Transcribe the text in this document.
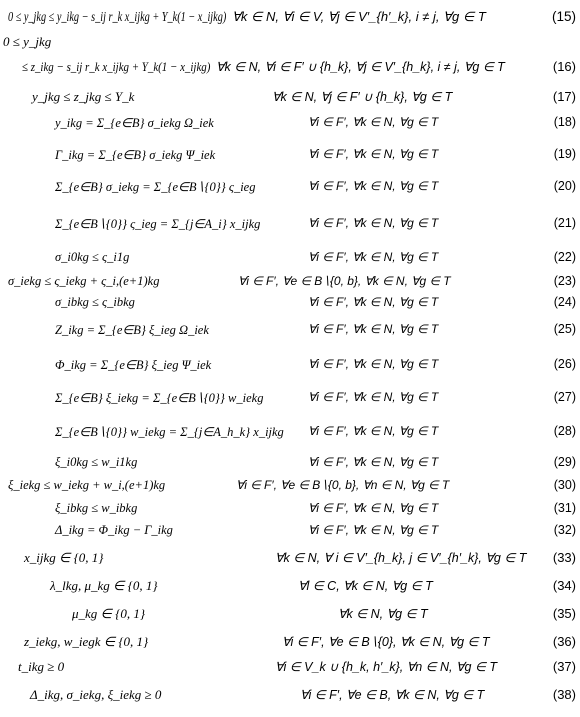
0 ≤ y_jkg ≤ y_ikg − s_ij r_k x_ijkg + Y_k(1 − x_ijkg) ∀k ∈ N, ∀i ∈ V, ∀j ∈ V′_{h′_k}, i ≠ j, ∀g ∈ T	(15)
0 ≤ y_jkg
≤ z_ikg − s_ij r_k x_ijkg + Y_k(1 − x_ijkg) ∀k ∈ N, ∀i ∈ F′ ∪ {h_k}, ∀j ∈ V′_{h_k}, i ≠ j, ∀g ∈ T	(16)
y_jkg ≤ z_jkg ≤ Y_k	∀k ∈ N, ∀j ∈ F′ ∪ {h_k}, ∀g ∈ T	(17)
y_ikg = Σ_{e∈B} σ_iekg Ω_iek	∀i ∈ F′, ∀k ∈ N, ∀g ∈ T	(18)
Γ_ikg = Σ_{e∈B} σ_iekg Ψ_iek	∀i ∈ F′, ∀k ∈ N, ∀g ∈ T	(19)
Σ_{e∈B} σ_iekg = Σ_{e∈B∖{0}} ς_ieg	∀i ∈ F′, ∀k ∈ N, ∀g ∈ T	(20)
Σ_{e∈B∖{0}} ς_ieg = Σ_{j∈A_i} x_ijkg	∀i ∈ F′, ∀k ∈ N, ∀g ∈ T	(21)
σ_i0kg ≤ ς_i1g	∀i ∈ F′, ∀k ∈ N, ∀g ∈ T	(22)
σ_iekg ≤ ς_iekg + ς_i,(e+1)kg	∀i ∈ F′, ∀e ∈ B∖{0, b}, ∀k ∈ N, ∀g ∈ T	(23)
σ_ibkg ≤ ς_ibkg	∀i ∈ F′, ∀k ∈ N, ∀g ∈ T	(24)
Z_ikg = Σ_{e∈B} ξ_ieg Ω_iek	∀i ∈ F′, ∀k ∈ N, ∀g ∈ T	(25)
Φ_ikg = Σ_{e∈B} ξ_ieg Ψ_iek	∀i ∈ F′, ∀k ∈ N, ∀g ∈ T	(26)
Σ_{e∈B} ξ_iekg = Σ_{e∈B∖{0}} w_iekg	∀i ∈ F′, ∀k ∈ N, ∀g ∈ T	(27)
Σ_{e∈B∖{0}} w_iekg = Σ_{j∈A_h_k} x_ijkg ∀i ∈ F′, ∀k ∈ N, ∀g ∈ T	(28)
ξ_i0kg ≤ w_i1kg	∀i ∈ F′, ∀k ∈ N, ∀g ∈ T	(29)
ξ_iekg ≤ w_iekg + w_i,(e+1)kg	∀i ∈ F′, ∀e ∈ B∖{0, b}, ∀n ∈ N, ∀g ∈ T	(30)
ξ_ibkg ≤ w_ibkg	∀i ∈ F′, ∀k ∈ N, ∀g ∈ T	(31)
Δ_ikg = Φ_ikg − Γ_ikg	∀i ∈ F′, ∀k ∈ N, ∀g ∈ T	(32)
x_ijkg ∈ {0, 1}	∀k ∈ N, ∀ i ∈ V′_{h_k}, j ∈ V′_{h′_k}, ∀g ∈ T (33)
λ_lkg, μ_kg ∈ {0, 1}	∀l ∈ C, ∀k ∈ N, ∀g ∈ T	(34)
μ_kg ∈ {0, 1}	∀k ∈ N, ∀g ∈ T	(35)
z_iekg, w_iegk ∈ {0, 1}	∀i ∈ F′, ∀e ∈ B∖{0}, ∀k ∈ N, ∀g ∈ T	(36)
t_ikg ≥ 0	∀i ∈ V_k ∪ {h_k, h′_k}, ∀n ∈ N, ∀g ∈ T	(37)
Δ_ikg, σ_iekg, ξ_iekg ≥ 0	∀i ∈ F′, ∀e ∈ B, ∀k ∈ N, ∀g ∈ T	(38)
